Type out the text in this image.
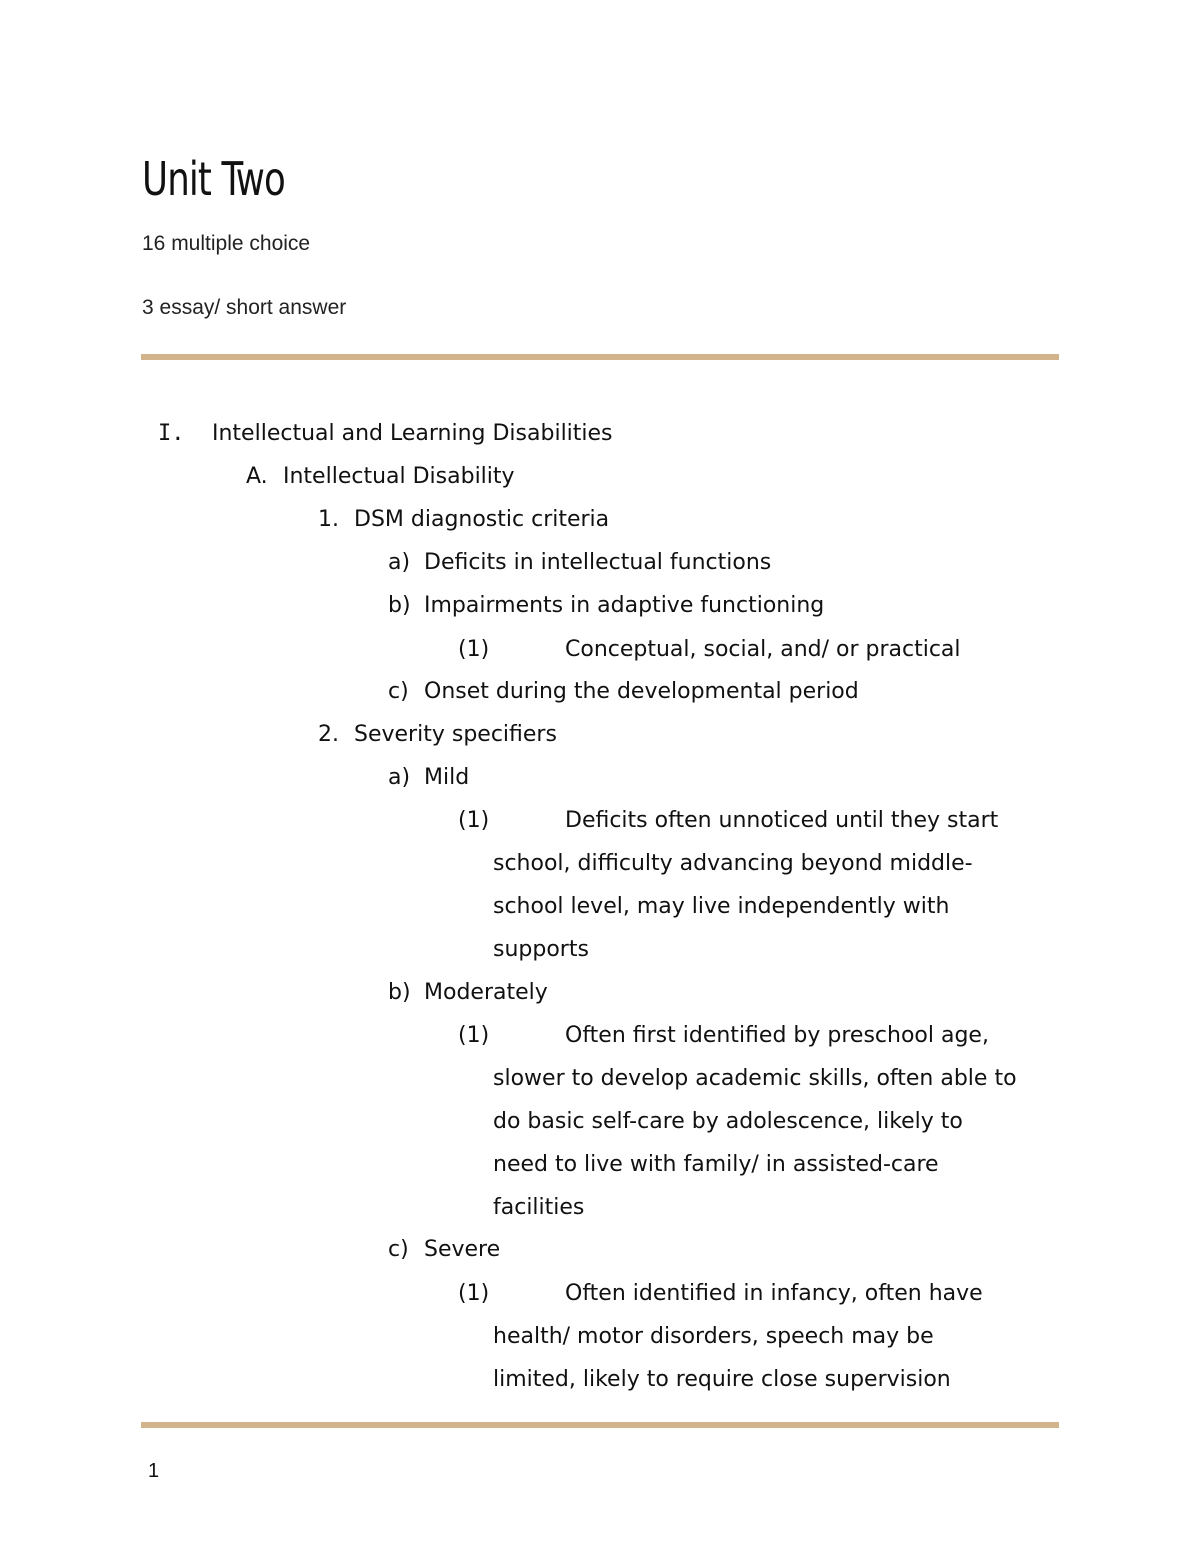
Unit Two
16 multiple choice
3 essay/ short answer
I. Intellectual and Learning Disabilities
A. Intellectual Disability
1. DSM diagnostic criteria
a) Deficits in intellectual functions
b) Impairments in adaptive functioning
(1)	Conceptual, social, and/ or practical
c) Onset during the developmental period
2. Severity specifiers
a) Mild
(1)	Deficits often unnoticed until they start
school, difficulty advancing beyond middle-
school level, may live independently with
supports
b) Moderately
(1)	Often first identified by preschool age,
slower to develop academic skills, often able to
do basic self-care by adolescence, likely to
need to live with family/ in assisted-care
facilities
c) Severe
(1)	Often identified in infancy, often have
health/ motor disorders, speech may be
limited, likely to require close supervision
1
